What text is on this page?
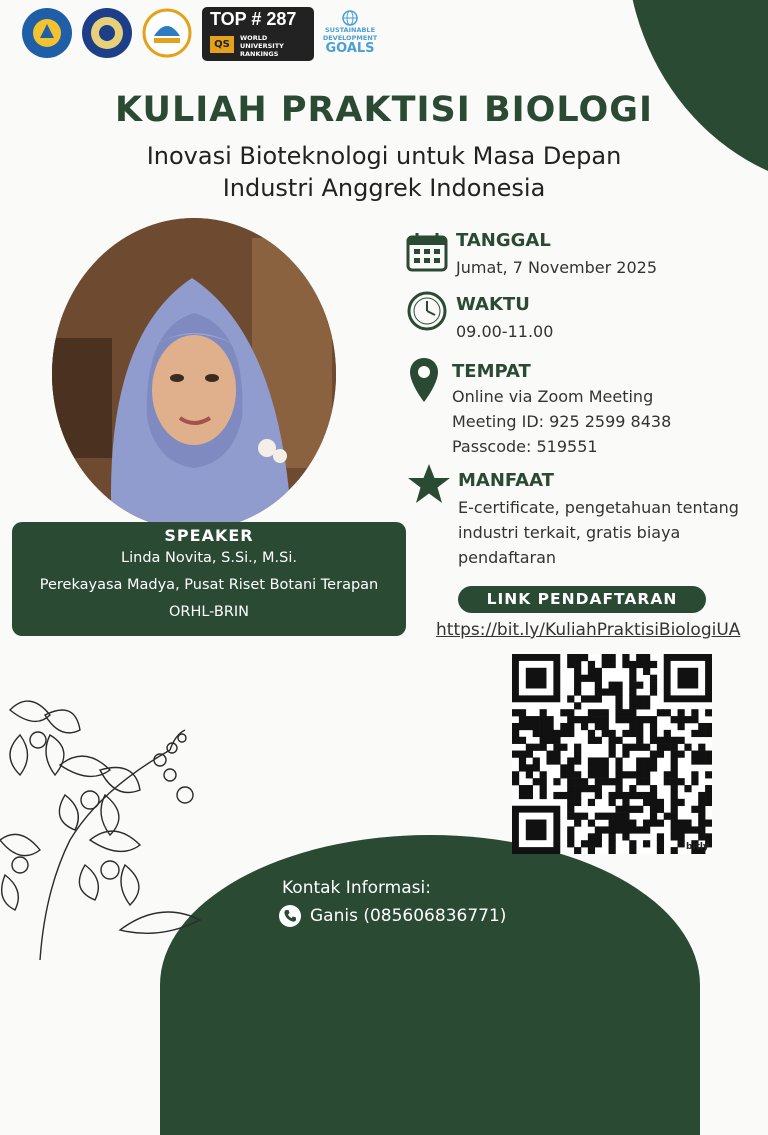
TOP # 287
QS
WORLD
UNIVERSITY
RANKINGS
SUSTAINABLE
DEVELOPMENT
GOALS
KULIAH PRAKTISI BIOLOGI
Inovasi Bioteknologi untuk Masa Depan
Industri Anggrek Indonesia
SPEAKER
Linda Novita, S.Si., M.Si.
Perekayasa Madya, Pusat Riset Botani Terapan
ORHL-BRIN
TANGGAL
Jumat, 7 November 2025
WAKTU
09.00-11.00
TEMPAT
Online via Zoom Meeting
Meeting ID: 925 2599 8438
Passcode: 519551
MANFAAT
E-certificate, pengetahuan tentang
industri terkait, gratis biaya
pendaftaran
LINK PENDAFTARAN
https://bit.ly/KuliahPraktisiBiologiUA
bitly
Kontak Informasi:
Ganis (085606836771)
